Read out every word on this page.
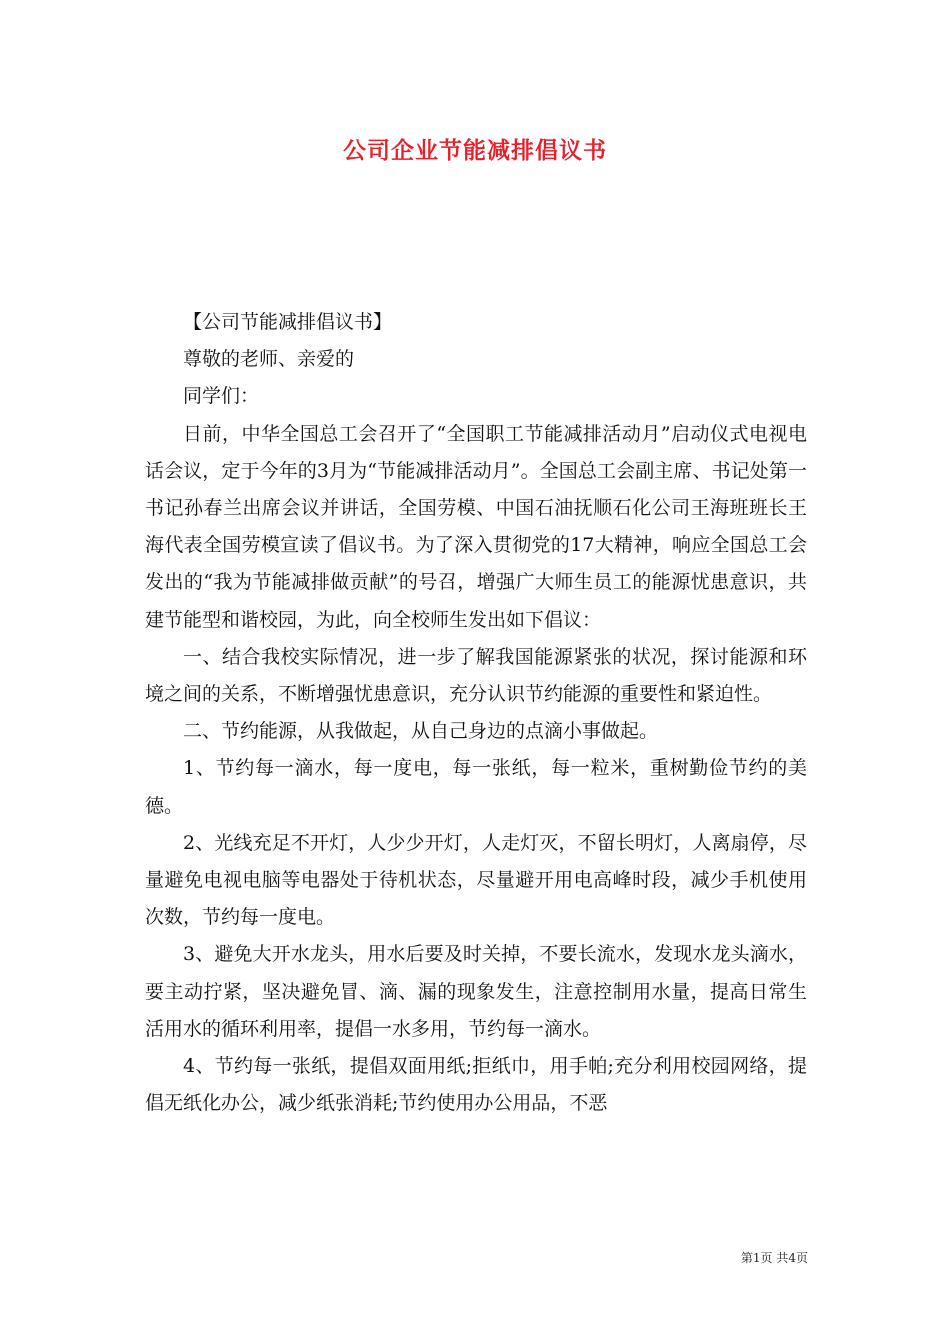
公司企业节能减排倡议书

【公司节能减排倡议书】

尊敬的老师、亲爱的

同学们：

日前，中华全国总工会召开了“全国职工节能减排活动月”启动仪式电视电话会议，定于今年的3月为“节能减排活动月”。全国总工会副主席、书记处第一书记孙春兰出席会议并讲话，全国劳模、中国石油抚顺石化公司王海班班长王海代表全国劳模宣读了倡议书。为了深入贯彻党的17大精神，响应全国总工会发出的“我为节能减排做贡献”的号召，增强广大师生员工的能源忧患意识，共建节能型和谐校园，为此，向全校师生发出如下倡议：

一、结合我校实际情况，进一步了解我国能源紧张的状况，探讨能源和环境之间的关系，不断增强忧患意识，充分认识节约能源的重要性和紧迫性。

二、节约能源，从我做起，从自己身边的点滴小事做起。

1、节约每一滴水，每一度电，每一张纸，每一粒米，重树勤俭节约的美德。

2、光线充足不开灯，人少少开灯，人走灯灭，不留长明灯，人离扇停，尽量避免电视电脑等电器处于待机状态，尽量避开用电高峰时段，减少手机使用次数，节约每一度电。

3、避免大开水龙头，用水后要及时关掉，不要长流水，发现水龙头滴水，要主动拧紧，坚决避免冒、滴、漏的现象发生，注意控制用水量，提高日常生活用水的循环利用率，提倡一水多用，节约每一滴水。

4、节约每一张纸，提倡双面用纸;拒纸巾，用手帕;充分利用校园网络，提倡无纸化办公，减少纸张消耗;节约使用办公用品，不恶

第1页 共4页
